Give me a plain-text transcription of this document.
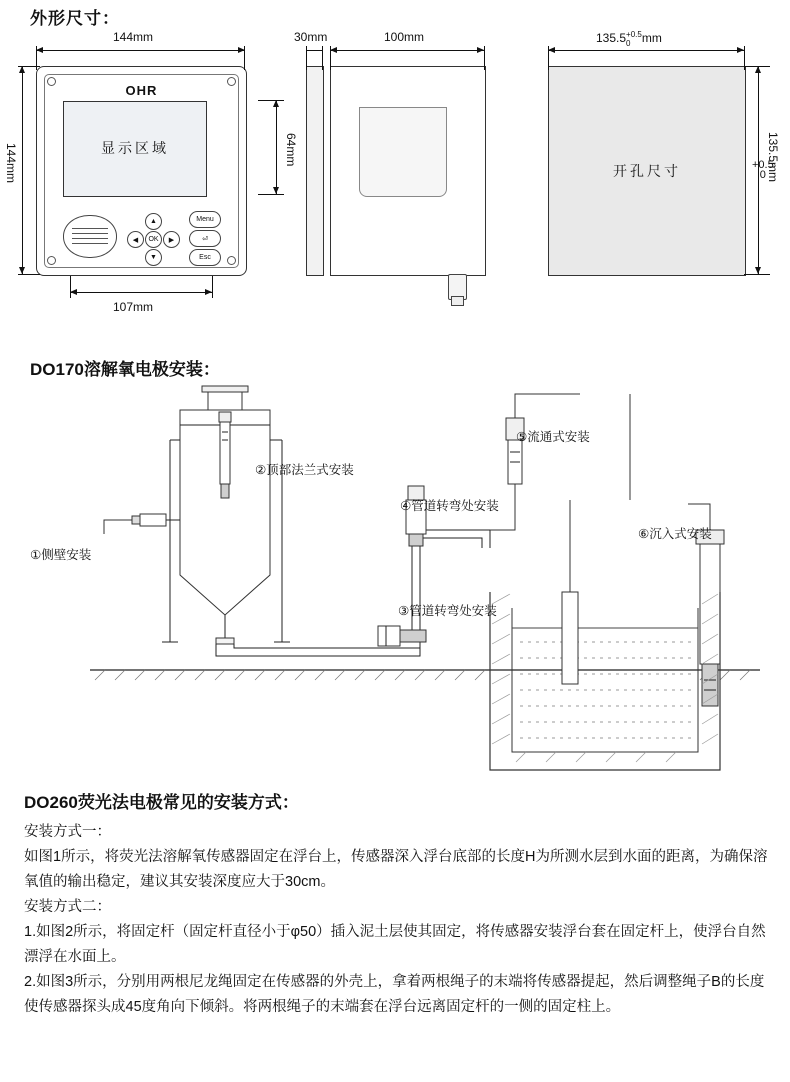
外形尺寸：
OHR
显示区域
▲
OK
▼
◀	▶
Menu
⏎
Esc
144mm
144mm	64mm
107mm
30mm	100mm
开孔尺寸
135.5 +0.5
0 mm
135.5mm
+0.5
0
DO170溶解氧电极安装：
①侧壁安装
②顶部法兰式安装
③管道转弯处安装
④管道转弯处安装
⑤流通式安装
⑥沉入式安装
DO260荧光法电极常见的安装方式：

安装方式一：

如图1所示，将荧光法溶解氧传感器固定在浮台上，传感器深入浮台底部的长度H为所测水层到水面的距离，为确保溶氧值的输出稳定，建议其安装深度应大于30cm。

安装方式二：

1.如图2所示，将固定杆（固定杆直径小于φ50）插入泥土层使其固定，将传感器安装浮台套在固定杆上，使浮台自然漂浮在水面上。

2.如图3所示，分别用两根尼龙绳固定在传感器的外壳上，拿着两根绳子的末端将传感器提起，然后调整绳子B的长度使传感器探头成45度角向下倾斜。将两根绳子的末端套在浮台远离固定杆的一侧的固定柱上。
